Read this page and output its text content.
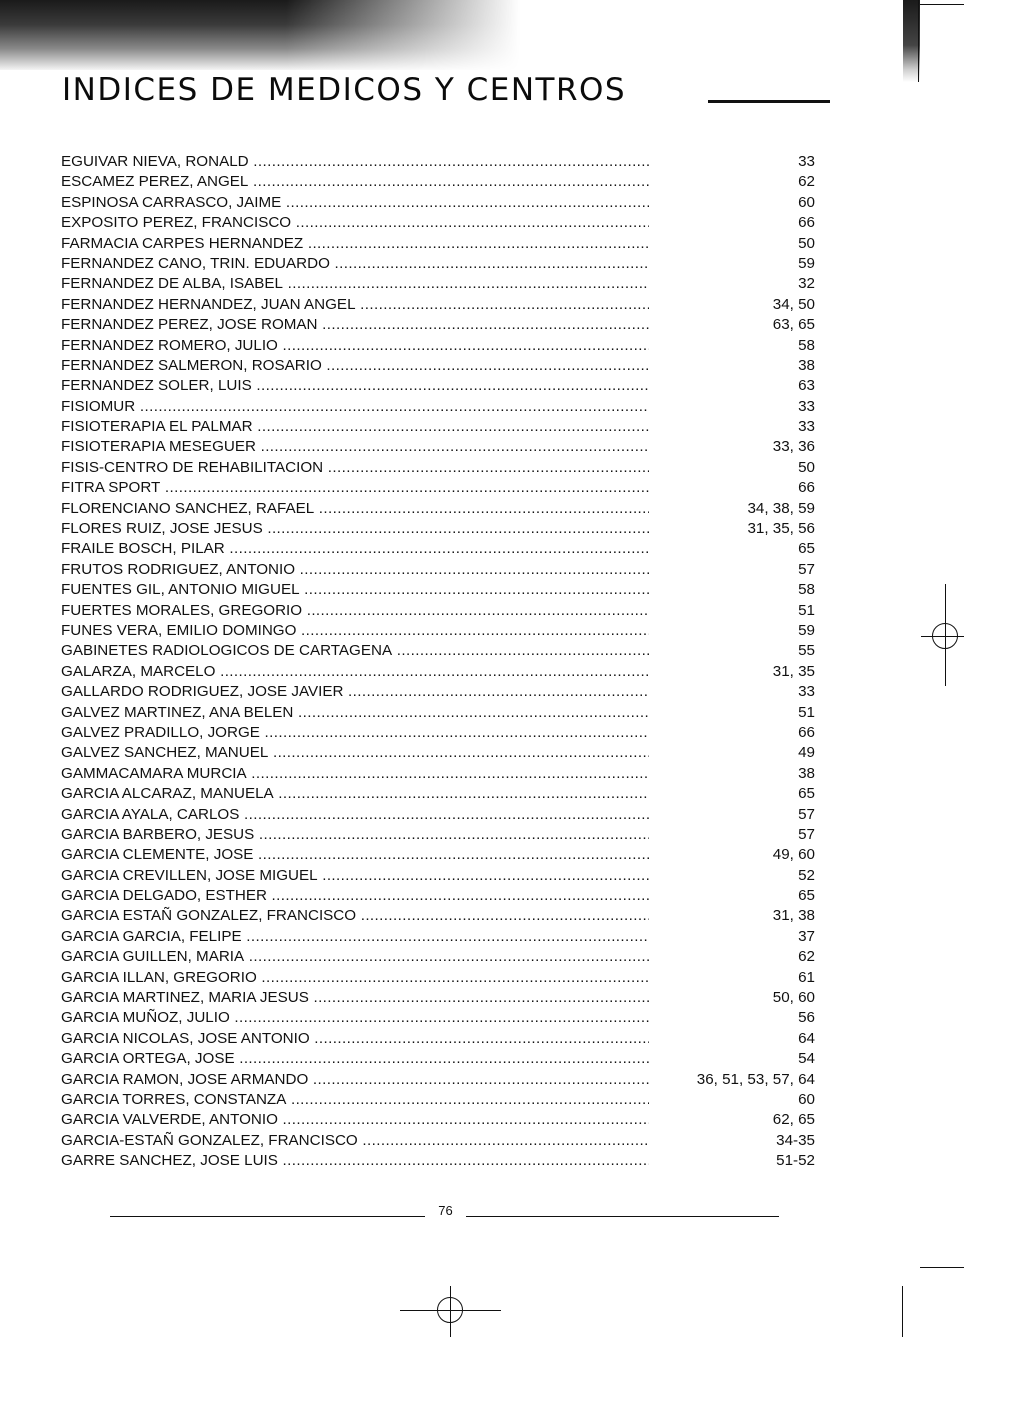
INDICES DE MEDICOS Y CENTROS
EGUIVAR NIEVA, RONALD .....	33
ESCAMEZ PEREZ, ANGEL .....	62
ESPINOSA CARRASCO, JAIME .....	60
EXPOSITO PEREZ, FRANCISCO .....	66
FARMACIA CARPES HERNANDEZ .....	50
FERNANDEZ CANO, TRIN. EDUARDO .....	59
FERNANDEZ DE ALBA, ISABEL .....	32
FERNANDEZ HERNANDEZ, JUAN ANGEL .....	34, 50
FERNANDEZ PEREZ, JOSE ROMAN .....	63, 65
FERNANDEZ ROMERO, JULIO .....	58
FERNANDEZ SALMERON, ROSARIO .....	38
FERNANDEZ SOLER, LUIS .....	63
FISIOMUR .....	33
FISIOTERAPIA EL PALMAR .....	33
FISIOTERAPIA MESEGUER .....	33, 36
FISIS-CENTRO DE REHABILITACION .....	50
FITRA SPORT .....	66
FLORENCIANO SANCHEZ, RAFAEL .....	34, 38, 59
FLORES RUIZ, JOSE JESUS .....	31, 35, 56
FRAILE BOSCH, PILAR .....	65
FRUTOS RODRIGUEZ, ANTONIO .....	57
FUENTES GIL, ANTONIO MIGUEL .....	58
FUERTES MORALES, GREGORIO .....	51
FUNES VERA, EMILIO DOMINGO .....	59
GABINETES RADIOLOGICOS DE CARTAGENA .....	55
GALARZA, MARCELO .....	31, 35
GALLARDO RODRIGUEZ, JOSE JAVIER .....	33
GALVEZ MARTINEZ, ANA BELEN .....	51
GALVEZ PRADILLO, JORGE .....	66
GALVEZ SANCHEZ, MANUEL .....	49
GAMMACAMARA MURCIA .....	38
GARCIA ALCARAZ, MANUELA .....	65
GARCIA AYALA, CARLOS .....	57
GARCIA BARBERO, JESUS .....	57
GARCIA CLEMENTE, JOSE .....	49, 60
GARCIA CREVILLEN, JOSE MIGUEL .....	52
GARCIA DELGADO, ESTHER .....	65
GARCIA ESTAÑ GONZALEZ, FRANCISCO .....	31, 38
GARCIA GARCIA, FELIPE .....	37
GARCIA GUILLEN, MARIA .....	62
GARCIA ILLAN, GREGORIO .....	61
GARCIA MARTINEZ, MARIA JESUS .....	50, 60
GARCIA MUÑOZ, JULIO .....	56
GARCIA NICOLAS, JOSE ANTONIO .....	64
GARCIA ORTEGA, JOSE .....	54
GARCIA RAMON, JOSE ARMANDO .....	36, 51, 53, 57, 64
GARCIA TORRES, CONSTANZA .....	60
GARCIA VALVERDE, ANTONIO .....	62, 65
GARCIA-ESTAÑ GONZALEZ, FRANCISCO .....	34-35
GARRE SANCHEZ, JOSE LUIS .....	51-52
76
